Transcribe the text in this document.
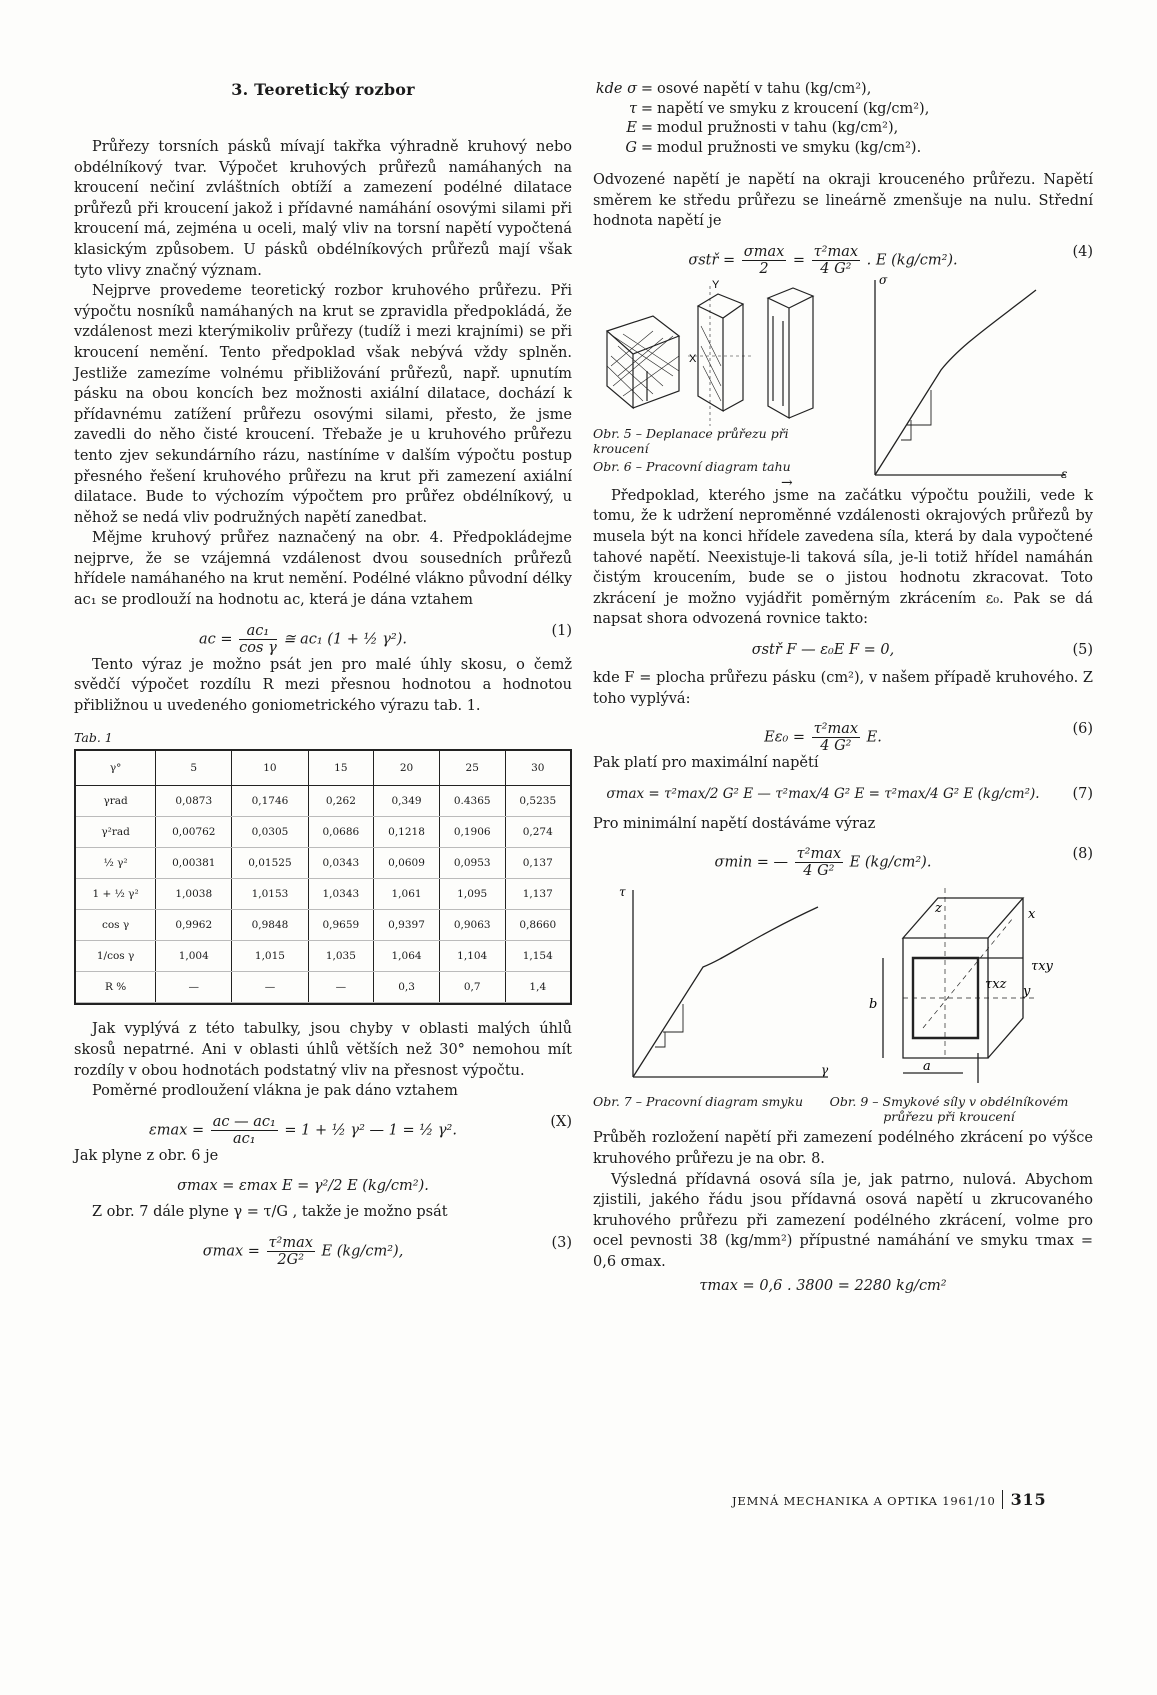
3. Teoretický rozbor

Průřezy torsních pásků mívají takřka výhradně kruhový nebo obdélníkový tvar. Výpočet kruhových průřezů namáhaných na kroucení nečiní zvláštních obtíží a zamezení podélné dilatace průřezů při kroucení jakož i přídavné namáhání osovými silami při kroucení má, zejména u oceli, malý vliv na torsní napětí vypočtená klasickým způsobem. U pásků obdélníkových průřezů mají však tyto vlivy značný význam.

Nejprve provedeme teoretický rozbor kruhového průřezu. Při výpočtu nosníků namáhaných na krut se zpravidla předpokládá, že vzdálenost mezi kterýmikoliv průřezy (tudíž i mezi krajními) se při kroucení nemění. Tento předpoklad však nebývá vždy splněn. Jestliže zamezíme volnému přibližování průřezů, např. upnutím pásku na obou koncích bez možnosti axiální dilatace, dochází k přídavnému zatížení průřezu osovými silami, přesto, že jsme zavedli do něho čisté kroucení. Třebaže je u kruhového průřezu tento zjev sekundárního rázu, nastíníme v dalším výpočtu postup přesného řešení kruhového průřezu na krut při zamezení axiální dilatace. Bude to výchozím výpočtem pro průřez obdélníkový, u něhož se nedá vliv podružných napětí zanedbat.

Mějme kruhový průřez naznačený na obr. 4. Předpokládejme nejprve, že se vzájemná vzdálenost dvou sousedních průřezů hřídele namáhaného na krut nemění. Podélné vlákno původní délky ac₁ se prodlouží na hodnotu ac, která je dána vztahem

ac = $\frac{\text{ac₁}}{\text{cos γ}}$ ≅ ac₁ (1 + ½ γ²).
(1)

Tento výraz je možno psát jen pro malé úhly skosu, o čemž svědčí výpočet rozdílu R mezi přesnou hodnotou a hodnotou přibližnou u uvedeného goniometrického výrazu tab. 1.

Tab. 1
γ°	5	10	15	20	25	30
γrad	0,0873	0,1746	0,262	0,349	0.4365	0,5235
γ²rad	0,00762	0,0305	0,0686	0,1218	0,1906	0,274
½ γ²	0,00381	0,01525	0,0343	0,0609	0,0953	0,137
1 + ½ γ²	1,0038	1,0153	1,0343	1,061	1,095	1,137
cos γ	0,9962	0,9848	0,9659	0,9397	0,9063	0,8660
1/cos γ	1,004	1,015	1,035	1,064	1,104	1,154
R %	—	—	—	0,3	0,7	1,4

Jak vyplývá z této tabulky, jsou chyby v oblasti malých úhlů skosů nepatrné. Ani v oblasti úhlů větších než 30° nemohou mít rozdíly v obou hodnotách podstatný vliv na přesnost výpočtu.

Poměrné prodloužení vlákna je pak dáno vztahem

$\varepsilon\max = \frac{\text{ac — ac₁}}{\text{ac₁}} = 1$ + ½ γ² — 1 = ½ γ².
(X)

Jak plyne z obr. 6 je

σmax = εmax E = γ²/2 E (kg/cm²).

Z obr. 7 dále plyne γ = τ/G , takže je možno psát

$\sigma\max = \frac{\text{τ²max}}{\text{2G²}}$ E (kg/cm²),
(3)
kde σ = osové napětí v tahu (kg/cm²),
τ = napětí ve smyku z kroucení (kg/cm²),
E = modul pružnosti v tahu (kg/cm²),
G = modul pružnosti ve smyku (kg/cm²).

Odvozené napětí je napětí na okraji krouceného průřezu. Napětí směrem ke středu průřezu se lineárně zmenšuje na nulu. Střední hodnota napětí je

σstř = $\frac{\sigma\max}{2} = \frac{\text{τ²max}}{\text{4 G²}}$ . E (kg/cm²).
(4)
Y
X
σ
ε
Obr. 5 – Deplanace průřezu při kroucení
Obr. 6 – Pracovní diagram tahu
→

Předpoklad, kterého jsme na začátku výpočtu použili, vede k tomu, že k udržení neproměnné vzdálenosti okrajových průřezů by musela být na konci hřídele zavedena síla, která by dala vypočtené tahové napětí. Neexistuje-li taková síla, je-li totiž hřídel namáhán čistým kroucením, bude se o jistou hodnotu zkracovat. Toto zkrácení je možno vyjádřit poměrným zkrácením ε₀. Pak se dá napsat shora odvozená rovnice takto:

σstř F — ε₀E F = 0,	(5)

kde F = plocha průřezu pásku (cm²), v našem případě kruhového. Z toho vyplývá:

$E\varepsilon_0 = \frac{\text{τ²max}}{\text{4 G²}} E$.
(6)

Pak platí pro maximální napětí

σmax = τ²max/2 G² E — τ²max/4 G² E = τ²max/4 G² E (kg/cm²).	(7)

Pro minimální napětí dostáváme výraz

σmin = — $\frac{\text{τ²max}}{\text{4 G²}}$ E (kg/cm²).
(8)
τ
γ
z	x
y
τxy
τxz
a
b
Obr. 7 – Pracovní diagram smyku	Obr. 9 – Smykové síly v obdélníkovém průřezu při kroucení

Průběh rozložení napětí při zamezení podélného zkrácení po výšce kruhového průřezu je na obr. 8.

Výsledná přídavná osová síla je, jak patrno, nulová. Abychom zjistili, jakého řádu jsou přídavná osová napětí u zkrucovaného kruhového průřezu při zamezení podélného zkrácení, volme pro ocel pevnosti 38 (kg/mm²) přípustné namáhání ve smyku τmax = 0,6 σmax.

τmax = 0,6 . 3800 = 2280 kg/cm²
JEMNÁ MECHANIKA A OPTIKA 1961/10 315
